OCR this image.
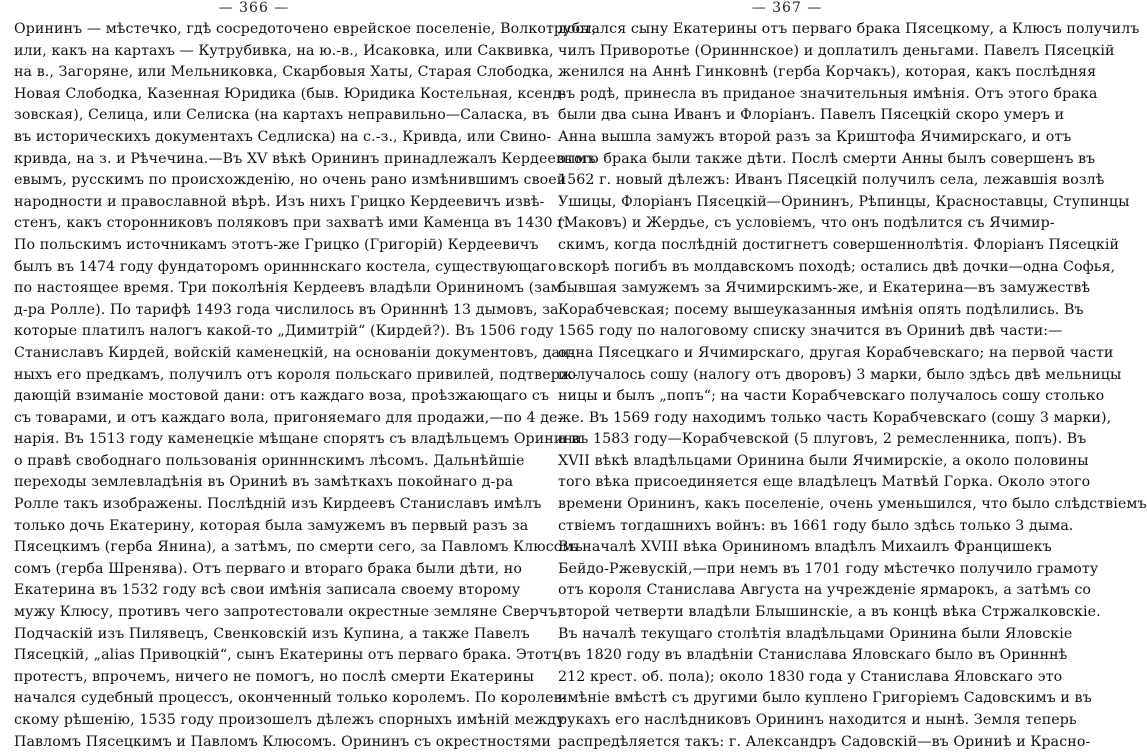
— 366 —
Орининъ — мѣстечко, гдѣ сосредоточено еврейское поселеніе, Волкотрубы,
или, какъ на картахъ — Кутрубивка, на ю.-в., Исаковка, или Саквивка,
на в., Загоряне, или Мельниковка, Скарбовыя Хаты, Старая Слободка,
Новая Слободка, Казенная Юридика (быв. Юридика Костельная, ксенд-
зовская), Селица, или Селиска (на картахъ неправильно—Саласка, въ
въ историческихъ документахъ Седлиска) на с.-з., Кривда, или Свино-
кривда, на з. и Рѣчечина.—Въ XV вѣкѣ Орининъ принадлежалъ Кердеевымъ
евымъ, русскимъ по происхожденію, но очень рано измѣнившимъ своей
народности и православной вѣрѣ. Изъ нихъ Грицко Кердеевичъ извѣ-
стенъ, какъ сторонниковъ поляковъ при захватѣ ими Каменца въ 1430 г.
По польскимъ источникамъ этотъ-же Грицко (Григорій) Кердеевичъ
былъ въ 1474 году фундаторомъ оринннскаго костела, существующаго
по настоящее время. Три поколѣнія Кердеевъ владѣли Орининомъ (зам.
д-ра Ролле). По тарифѣ 1493 года числилось въ Оринннѣ 13 дымовъ, за
которые платилъ налогъ какой-то „Димитрій“ (Кирдей?). Въ 1506 году
Станиславъ Кирдей, войскій каменецкій, на основаніи документовъ, дан-
ныхъ его предкамъ, получилъ отъ короля польскаго привилей, подтверж-
дающій взиманіе мостовой дани: отъ каждаго воза, проѣзжающаго съ
съ товарами, и отъ каждаго вола, пригоняемаго для продажи,—по 4 де-
нарія. Въ 1513 году каменецкіе мѣщане спорятъ съ владѣльцемъ Оринина
о правѣ свободнаго пользованія оринннскимъ лѣсомъ. Дальнѣйшіе
переходы землевладѣнія въ Ориниѣ въ замѣткахъ покойнаго д-ра
Ролле такъ изображены. Послѣдній изъ Кирдеевъ Станиславъ имѣлъ
только дочь Екатерину, которая была замужемъ въ первый разъ за
Пясецкимъ (герба Янина), а затѣмъ, по смерти сего, за Павломъ Клюсомъ
сомъ (герба Шренява). Отъ перваго и втораго брака были дѣти, но
Екатерина въ 1532 году всѣ свои имѣнія записала своему второму
мужу Клюсу, противъ чего запротестовали окрестные земляне Сверчъ,
Подчаскій изъ Пилявецъ, Свенковскій изъ Купина, а также Павелъ
Пясецкій, „alias Привоцкій“, сынъ Екатерины отъ перваго брака. Этотъ
протестъ, впрочемъ, ничего не помогъ, но послѣ смерти Екатерины
начался судебный процессъ, оконченный только королемъ. По королев-
скому рѣшенію, 1535 году произошелъ дѣлежъ спорныхъ имѣній между
Павломъ Пясецкимъ и Павломъ Клюсомъ. Орининъ съ окрестностями
— 367 —
достался сыну Екатерины отъ перваго брака Пясецкому, а Клюсъ получилъ
чилъ Приворотье (Оринннское) и доплатилъ деньгами. Павелъ Пясецкій
женился на Аннѣ Гинковнѣ (герба Корчакъ), которая, какъ послѣдняя
въ родѣ, принесла въ приданое значительныя имѣнія. Отъ этого брака
были два сына Иванъ и Флоріанъ. Павелъ Пясецкій скоро умеръ и
Анна вышла замужъ второй разъ за Криштофа Ячимирскаго, и отъ
этого брака были также дѣти. Послѣ смерти Анны былъ совершенъ въ
1562 г. новый дѣлежъ: Иванъ Пясецкій получилъ села, лежавшія возлѣ
Ушицы, Флоріанъ Пясецкій—Орининъ, Рѣпинцы, Красноставцы, Ступинцы
(Маковъ) и Жердье, съ условіемъ, что онъ подѣлится съ Ячимир-
скимъ, когда послѣдній достигнетъ совершеннолѣтія. Флоріанъ Пясецкій
вскорѣ погибъ въ молдавскомъ походѣ; остались двѣ дочки—одна Софья,
бывшая замужемъ за Ячимирскимъ-же, и Екатерина—въ замужествѣ
Корабчевская; посему вышеуказанныя имѣнія опять подѣлились. Въ
1565 году по налоговому списку значится въ Ориниѣ двѣ части:—
одна Пясецкаго и Ячимирскаго, другая Корабчевскаго; на первой части
получалось сошу (налогу отъ дворовъ) 3 марки, было здѣсь двѣ мельницы
ницы и былъ „попъ“; на части Корабчевскаго получалось сошу столько
же. Въ 1569 году находимъ только часть Корабчевскаго (сошу 3 марки),
а въ 1583 году—Корабчевской (5 плуговъ, 2 ремесленника, попъ). Въ
XVII вѣкѣ владѣльцами Оринина были Ячимирскіе, а около половины
того вѣка присоединяется еще владѣлецъ Матвѣй Горка. Около этого
времени Орининъ, какъ поселеніе, очень уменьшился, что было слѣдствіемъ
ствіемъ тогдашнихъ войнъ: въ 1661 году было здѣсь только 3 дыма.
Въ началѣ XVIII вѣка Орининомъ владѣлъ Михаилъ Францишекъ
Бейдо-Ржевускій,—при немъ въ 1701 году мѣстечко получило грамоту
отъ короля Станислава Августа на учрежденіе ярмарокъ, а затѣмъ со
второй четверти владѣли Блышинскіе, а въ концѣ вѣка Стржалковскіе.
Въ началѣ текущаго столѣтія владѣльцами Оринина были Яловскіе
(въ 1820 году въ владѣніи Станислава Яловскаго было въ Оринннѣ
212 крест. об. пола); около 1830 года у Станислава Яловскаго это
имѣніе вмѣстѣ съ другими было куплено Григоріемъ Садовскимъ и въ
рукахъ его наслѣдниковъ Орининъ находится и нынѣ. Земля теперь
распредѣляется такъ: г. Александръ Садовскій—въ Ориниѣ и Красно-
